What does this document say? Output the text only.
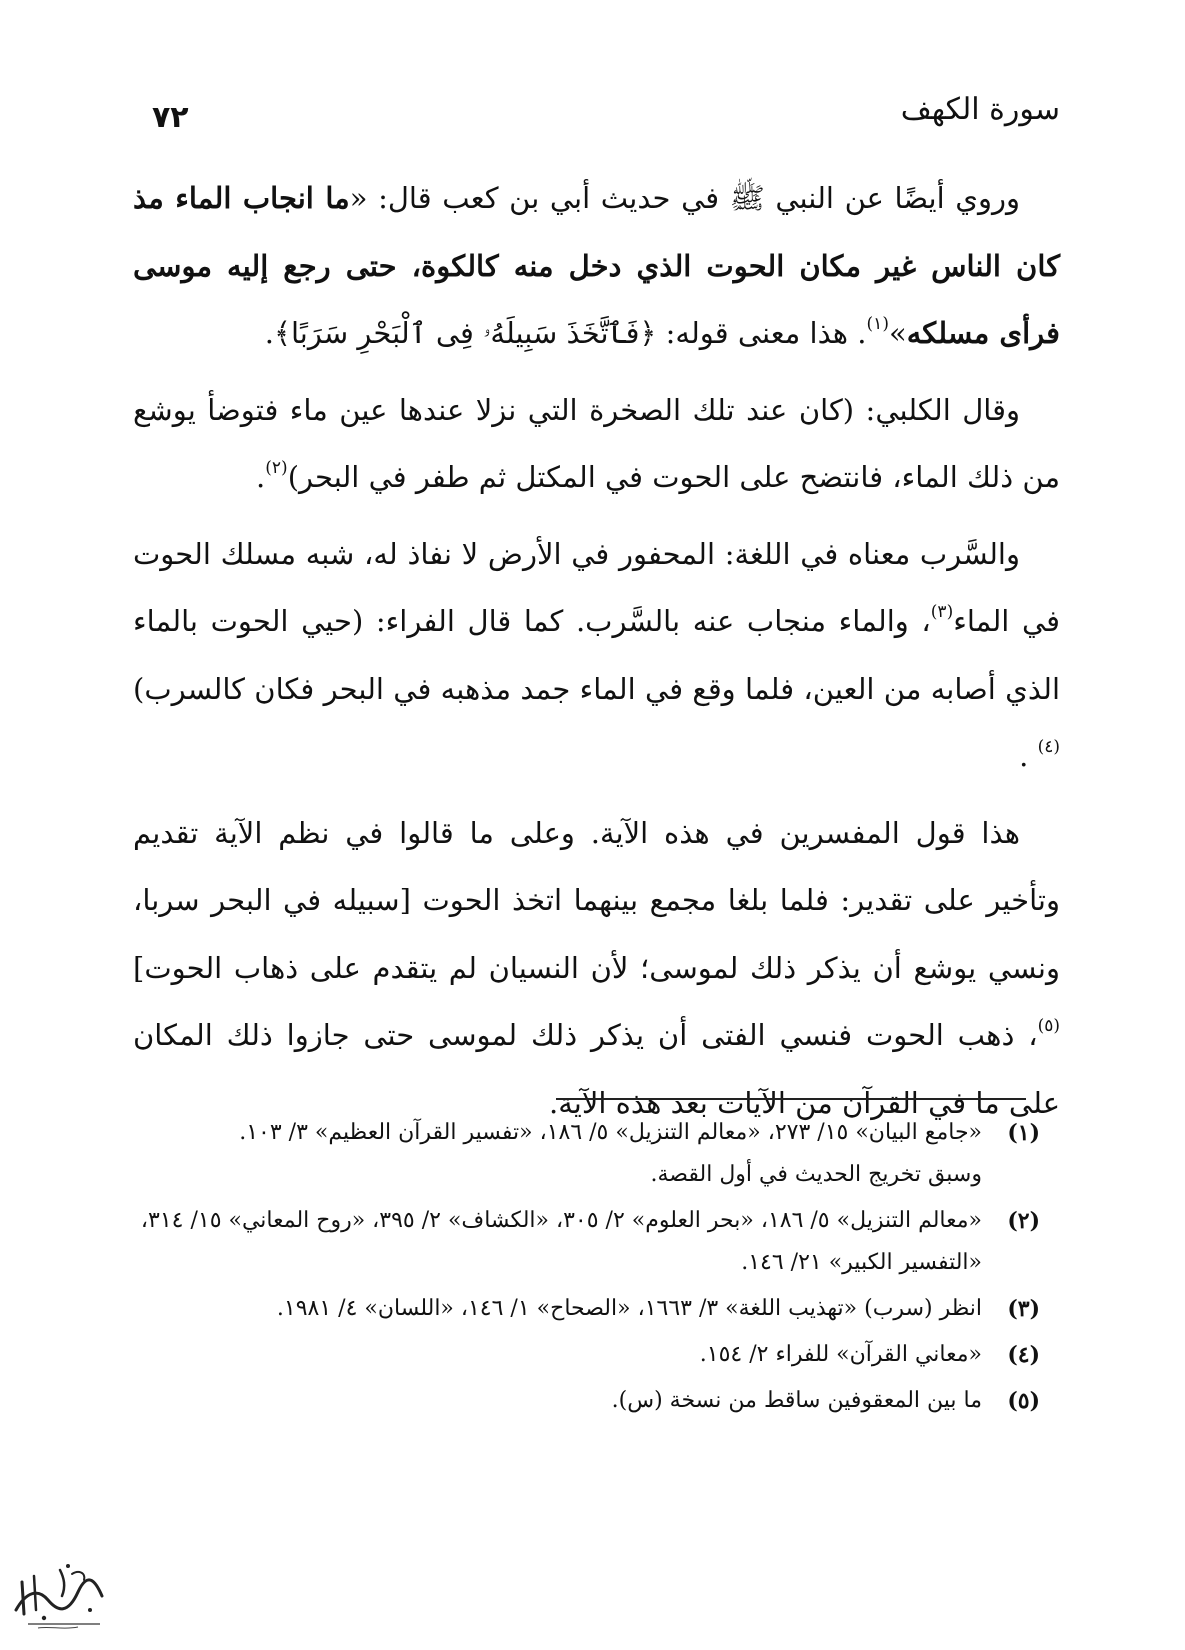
٧٢	سورة الكهف

وروي أيضًا عن النبي ﷺ في حديث أبي بن كعب قال: «ما انجاب الماء مذ كان الناس غير مكان الحوت الذي دخل منه كالكوة، حتى رجع إليه موسى فرأى مسلكه»$^{(١)}$. هذا معنى قوله: ﴿فَٱتَّخَذَ سَبِيلَهُۥ فِى ٱلْبَحْرِ سَرَبًا﴾.

وقال الكلبي: (كان عند تلك الصخرة التي نزلا عندها عين ماء فتوضأ يوشع من ذلك الماء، فانتضح على الحوت في المكتل ثم طفر في البحر)$^{(٢)}$.

والسَّرب معناه في اللغة: المحفور في الأرض لا نفاذ له، شبه مسلك الحوت في الماء$^{(٣)}$، والماء منجاب عنه بالسَّرب. كما قال الفراء: (حيي الحوت بالماء الذي أصابه من العين، فلما وقع في الماء جمد مذهبه في البحر فكان كالسرب)$^{(٤)}$ .

هذا قول المفسرين في هذه الآية. وعلى ما قالوا في نظم الآية تقديم وتأخير على تقدير: فلما بلغا مجمع بينهما اتخذ الحوت [سبيله في البحر سربا، ونسي يوشع أن يذكر ذلك لموسى؛ لأن النسيان لم يتقدم على ذهاب الحوت]$^{(٥)}$، ذهب الحوت فنسي الفتى أن يذكر ذلك لموسى حتى جازوا ذلك المكان على ما في القرآن من الآيات بعد هذه الآية.

(١)
«جامع البيان» ١٥/ ٢٧٣، «معالم التنزيل» ٥/ ١٨٦، «تفسير القرآن العظيم» ٣/ ١٠٣.
وسبق تخريج الحديث في أول القصة.
(٢)
«معالم التنزيل» ٥/ ١٨٦، «بحر العلوم» ٢/ ٣٠٥، «الكشاف» ٢/ ٣٩٥، «روح المعاني» ١٥/ ٣١٤، «التفسير الكبير» ٢١/ ١٤٦.
(٣)
انظر (سرب) «تهذيب اللغة» ٣/ ١٦٦٣، «الصحاح» ١/ ١٤٦، «اللسان» ٤/ ١٩٨١.
(٤)
«معاني القرآن» للفراء ٢/ ١٥٤.
(٥)
ما بين المعقوفين ساقط من نسخة (س).
